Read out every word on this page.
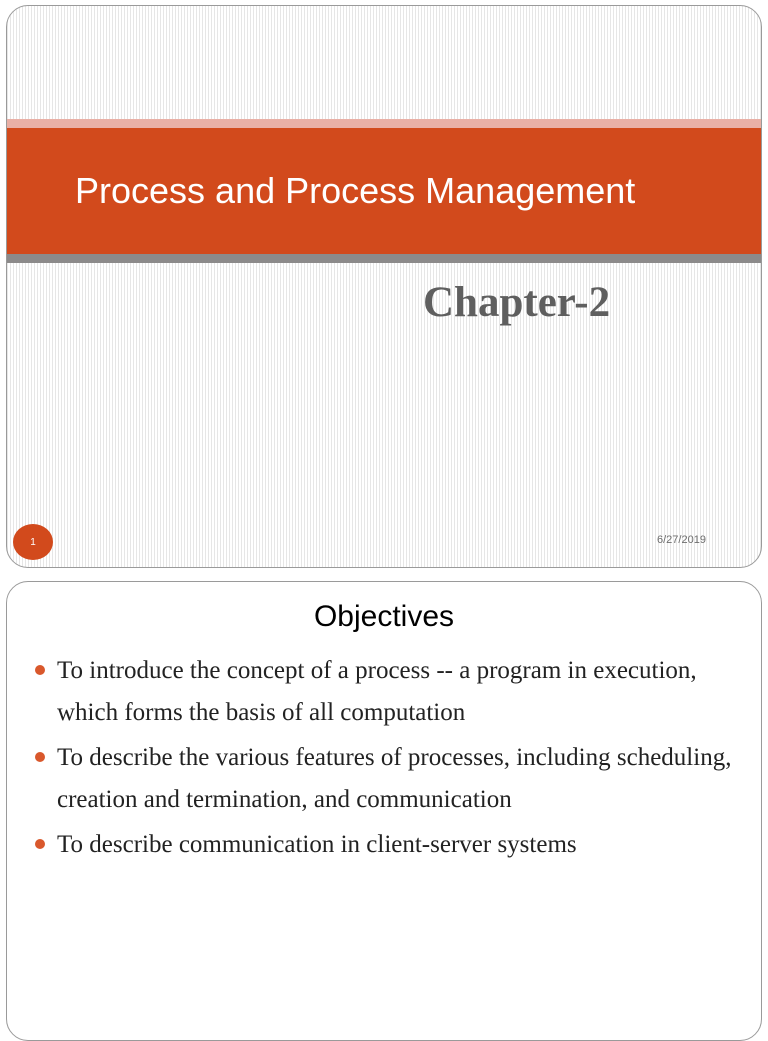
Process and Process Management
Chapter-2
1	6/27/2019
Objectives
To introduce the concept of a process -- a program in execution, which forms the basis of all computation
To describe the various features of processes, including scheduling, creation and termination, and communication
To describe communication in client-server systems
